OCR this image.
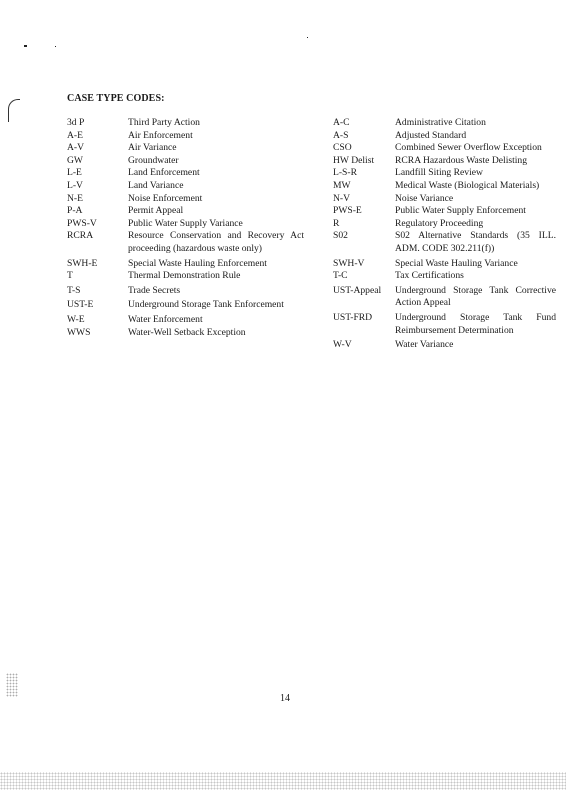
CASE TYPE CODES:
3d P	Third Party Action
A-E	Air Enforcement
A-V	Air Variance
GW	Groundwater
L-E	Land Enforcement
L-V	Land Variance
N-E	Noise Enforcement
P-A	Permit Appeal
PWS-V	Public Water Supply Variance
RCRA	Resource Conservation and Recovery Act proceeding (hazardous waste only)
SWH-E	Special Waste Hauling Enforcement
T	Thermal Demonstration Rule
T-S	Trade Secrets
UST-E	Underground Storage Tank Enforcement
W-E	Water Enforcement
WWS	Water-Well Setback Exception
A-C	Administrative Citation
A-S	Adjusted Standard
CSO	Combined Sewer Overflow Exception
HW Delist	RCRA Hazardous Waste Delisting
L-S-R	Landfill Siting Review
MW	Medical Waste (Biological Materials)
N-V	Noise Variance
PWS-E	Public Water Supply Enforcement
R	Regulatory Proceeding
S02	S02 Alternative Standards (35 ILL. ADM. CODE 302.211(f))
SWH-V	Special Waste Hauling Variance
T-C	Tax Certifications
UST-Appeal	Underground Storage Tank Corrective Action Appeal
UST-FRD	Underground Storage Tank Fund Reimbursement Determination
W-V	Water Variance
14
